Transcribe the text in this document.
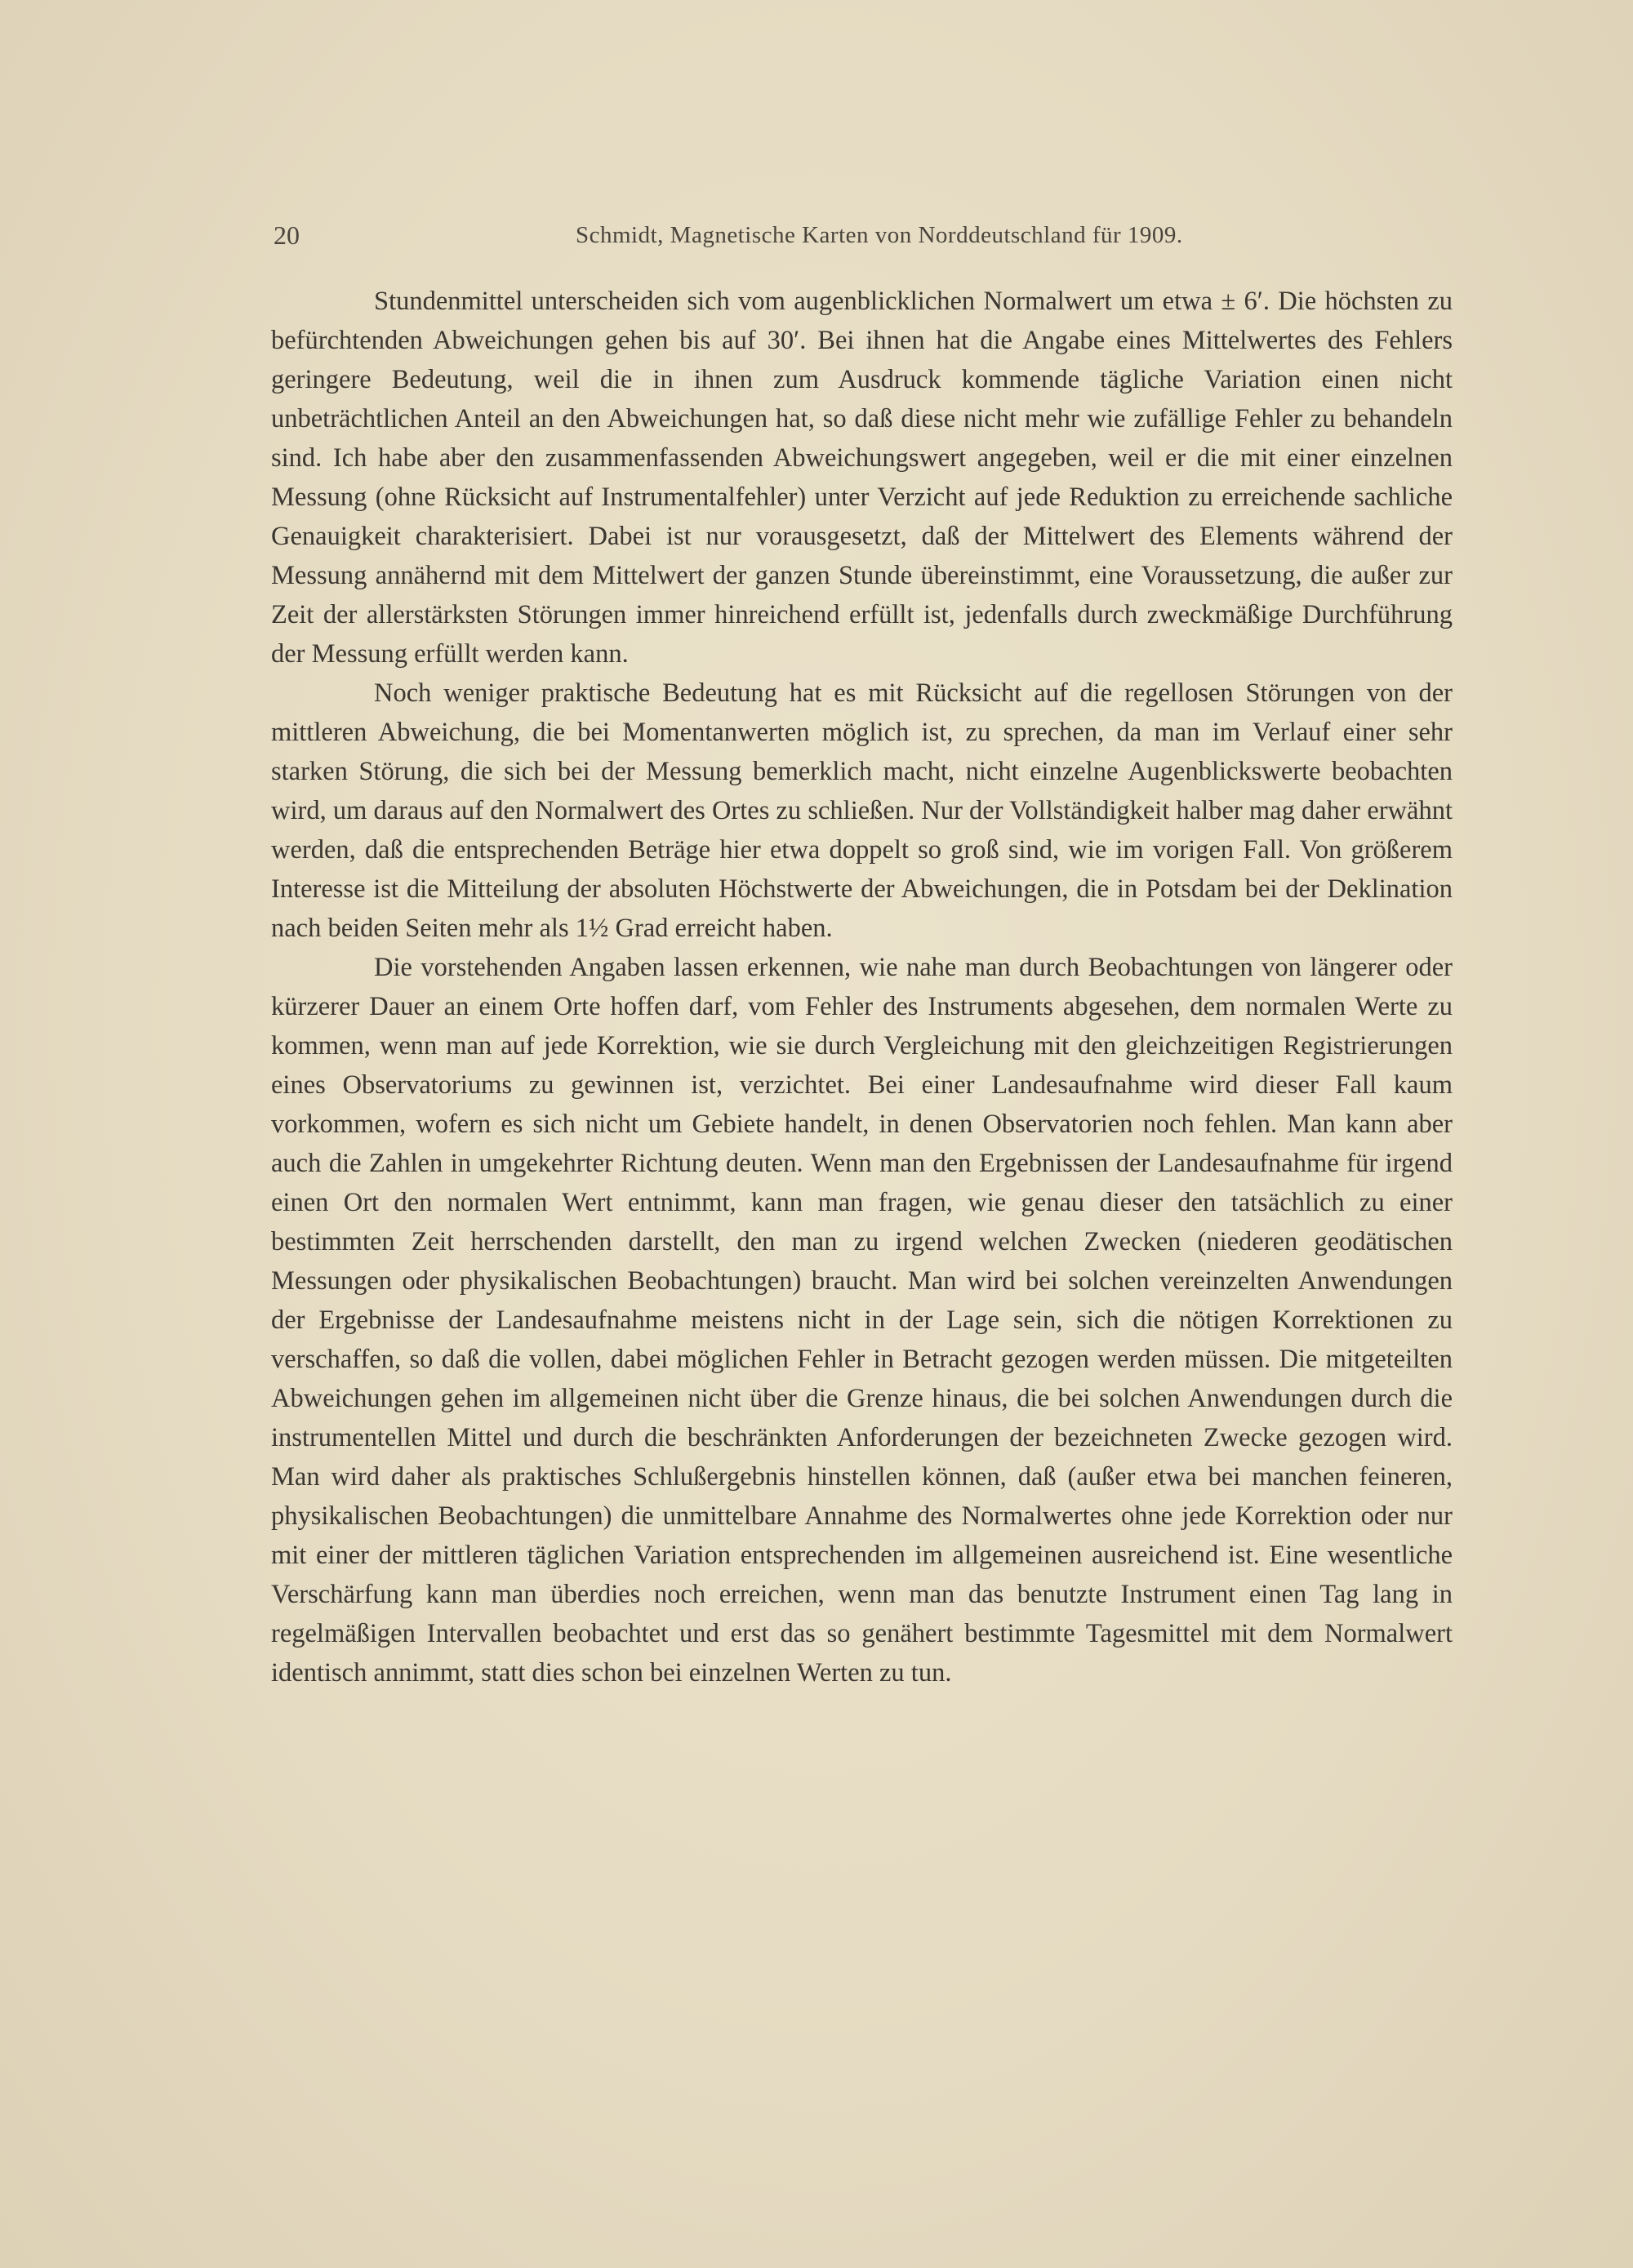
20	Schmidt, Magnetische Karten von Norddeutschland für 1909.

Stundenmittel unterscheiden sich vom augenblicklichen Normalwert um etwa ± 6′. Die höchsten zu befürchtenden Abweichungen gehen bis auf 30′. Bei ihnen hat die Angabe eines Mittelwertes des Fehlers geringere Bedeutung, weil die in ihnen zum Ausdruck kommende tägliche Variation einen nicht unbeträchtlichen Anteil an den Abweichungen hat, so daß diese nicht mehr wie zufällige Fehler zu behandeln sind. Ich habe aber den zusammenfassenden Abweichungswert angegeben, weil er die mit einer einzelnen Messung (ohne Rücksicht auf Instrumentalfehler) unter Verzicht auf jede Reduktion zu erreichende sachliche Genauigkeit charakterisiert. Dabei ist nur vorausgesetzt, daß der Mittelwert des Elements während der Messung annähernd mit dem Mittelwert der ganzen Stunde übereinstimmt, eine Voraussetzung, die außer zur Zeit der allerstärksten Störungen immer hinreichend erfüllt ist, jedenfalls durch zweckmäßige Durchführung der Messung erfüllt werden kann.

Noch weniger praktische Bedeutung hat es mit Rücksicht auf die regellosen Störungen von der mittleren Abweichung, die bei Momentanwerten möglich ist, zu sprechen, da man im Verlauf einer sehr starken Störung, die sich bei der Messung bemerklich macht, nicht einzelne Augenblickswerte beobachten wird, um daraus auf den Normalwert des Ortes zu schließen. Nur der Vollständigkeit halber mag daher erwähnt werden, daß die entsprechenden Beträge hier etwa doppelt so groß sind, wie im vorigen Fall. Von größerem Interesse ist die Mitteilung der absoluten Höchstwerte der Abweichungen, die in Potsdam bei der Deklination nach beiden Seiten mehr als 1½ Grad erreicht haben.

Die vorstehenden Angaben lassen erkennen, wie nahe man durch Beobachtungen von längerer oder kürzerer Dauer an einem Orte hoffen darf, vom Fehler des Instruments abgesehen, dem normalen Werte zu kommen, wenn man auf jede Korrektion, wie sie durch Vergleichung mit den gleichzeitigen Registrierungen eines Observatoriums zu gewinnen ist, verzichtet. Bei einer Landesaufnahme wird dieser Fall kaum vorkommen, wofern es sich nicht um Gebiete handelt, in denen Observatorien noch fehlen. Man kann aber auch die Zahlen in umgekehrter Richtung deuten. Wenn man den Ergebnissen der Landesaufnahme für irgend einen Ort den normalen Wert entnimmt, kann man fragen, wie genau dieser den tatsächlich zu einer bestimmten Zeit herrschenden darstellt, den man zu irgend welchen Zwecken (niederen geodätischen Messungen oder physikalischen Beobachtungen) braucht. Man wird bei solchen vereinzelten Anwendungen der Ergebnisse der Landesaufnahme meistens nicht in der Lage sein, sich die nötigen Korrektionen zu verschaffen, so daß die vollen, dabei möglichen Fehler in Betracht gezogen werden müssen. Die mitgeteilten Abweichungen gehen im allgemeinen nicht über die Grenze hinaus, die bei solchen Anwendungen durch die instrumentellen Mittel und durch die beschränkten Anforderungen der bezeichneten Zwecke gezogen wird. Man wird daher als praktisches Schlußergebnis hinstellen können, daß (außer etwa bei manchen feineren, physikalischen Beobachtungen) die unmittelbare Annahme des Normalwertes ohne jede Korrektion oder nur mit einer der mittleren täglichen Variation entsprechenden im allgemeinen ausreichend ist. Eine wesentliche Verschärfung kann man überdies noch erreichen, wenn man das benutzte Instrument einen Tag lang in regelmäßigen Intervallen beobachtet und erst das so genähert bestimmte Tagesmittel mit dem Normalwert identisch annimmt, statt dies schon bei einzelnen Werten zu tun.
